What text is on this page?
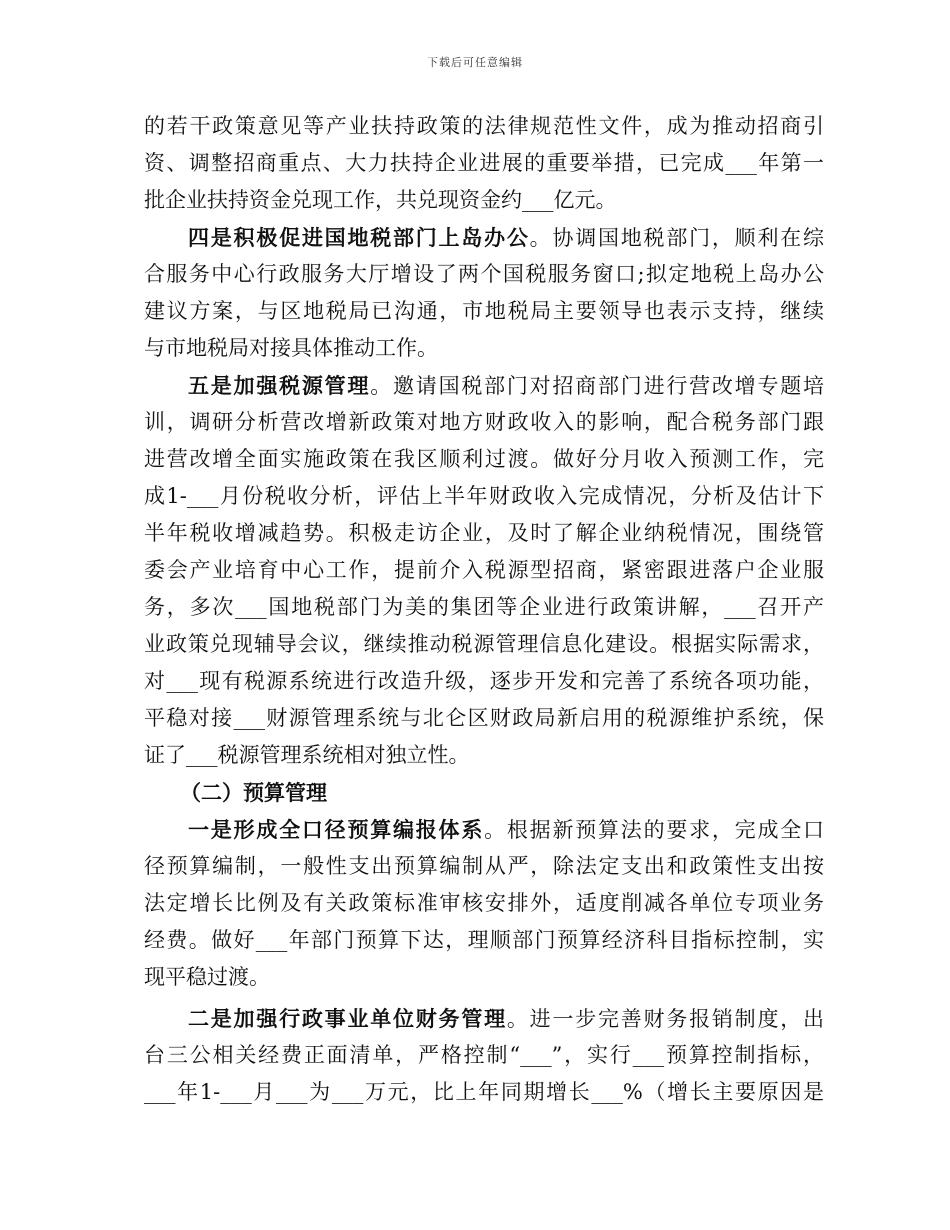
下载后可任意编辑
的若干政策意见等产业扶持政策的法律规范性文件，成为推动招商引
资、调整招商重点、大力扶持企业进展的重要举措，已完成___年第一
批企业扶持资金兑现工作，共兑现资金约___亿元。
四是积极促进国地税部门上岛办公。协调国地税部门，顺利在综
合服务中心行政服务大厅增设了两个国税服务窗口;拟定地税上岛办公
建议方案，与区地税局已沟通，市地税局主要领导也表示支持，继续
与市地税局对接具体推动工作。
五是加强税源管理。邀请国税部门对招商部门进行营改增专题培
训，调研分析营改增新政策对地方财政收入的影响，配合税务部门跟
进营改增全面实施政策在我区顺利过渡。做好分月收入预测工作，完
成1-___月份税收分析，评估上半年财政收入完成情况，分析及估计下
半年税收增减趋势。积极走访企业，及时了解企业纳税情况，围绕管
委会产业培育中心工作，提前介入税源型招商，紧密跟进落户企业服
务，多次___国地税部门为美的集团等企业进行政策讲解，___召开产
业政策兑现辅导会议，继续推动税源管理信息化建设。根据实际需求，
对___现有税源系统进行改造升级，逐步开发和完善了系统各项功能，
平稳对接___财源管理系统与北仑区财政局新启用的税源维护系统，保
证了___税源管理系统相对独立性。
（二）预算管理
一是形成全口径预算编报体系。根据新预算法的要求，完成全口
径预算编制，一般性支出预算编制从严，除法定支出和政策性支出按
法定增长比例及有关政策标准审核安排外，适度削减各单位专项业务
经费。做好___年部门预算下达，理顺部门预算经济科目指标控制，实
现平稳过渡。
二是加强行政事业单位财务管理。进一步完善财务报销制度，出
台三公相关经费正面清单，严格控制“___”，实行___预算控制指标，
___年1-___月___为___万元，比上年同期增长___%（增长主要原因是
